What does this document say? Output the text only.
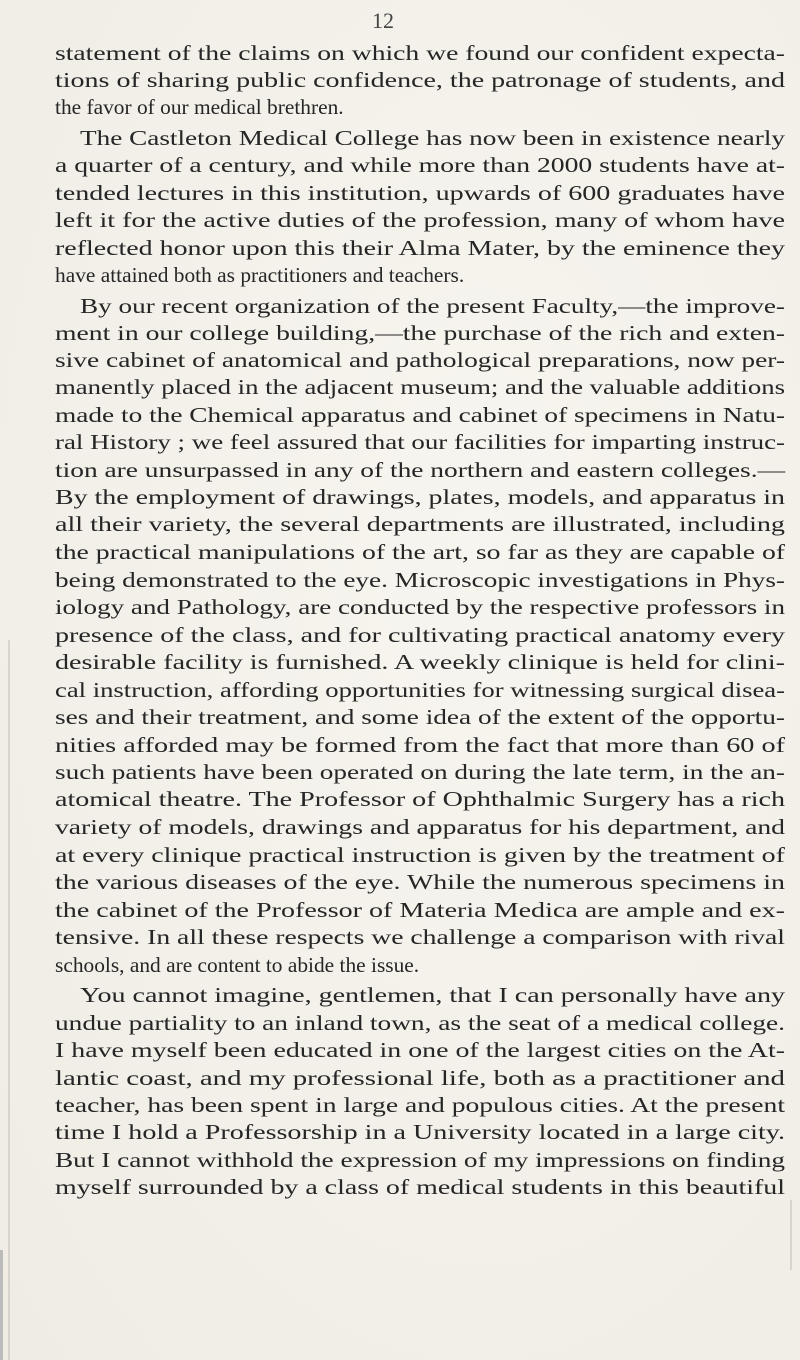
12
statement of the claims on which we found our confident expecta-
tions of sharing public confidence, the patronage of students, and
the favor of our medical brethren.
The Castleton Medical College has now been in existence nearly
a quarter of a century, and while more than 2000 students have at-
tended lectures in this institution, upwards of 600 graduates have
left it for the active duties of the profession, many of whom have
reflected honor upon this their Alma Mater, by the eminence they
have attained both as practitioners and teachers.
By our recent organization of the present Faculty,—the improve-
ment in our college building,—the purchase of the rich and exten-
sive cabinet of anatomical and pathological preparations, now per-
manently placed in the adjacent museum; and the valuable additions
made to the Chemical apparatus and cabinet of specimens in Natu-
ral History ; we feel assured that our facilities for imparting instruc-
tion are unsurpassed in any of the northern and eastern colleges.—
By the employment of drawings, plates, models, and apparatus in
all their variety, the several departments are illustrated, including
the practical manipulations of the art, so far as they are capable of
being demonstrated to the eye. Microscopic investigations in Phys-
iology and Pathology, are conducted by the respective professors in
presence of the class, and for cultivating practical anatomy every
desirable facility is furnished. A weekly clinique is held for clini-
cal instruction, affording opportunities for witnessing surgical disea-
ses and their treatment, and some idea of the extent of the opportu-
nities afforded may be formed from the fact that more than 60 of
such patients have been operated on during the late term, in the an-
atomical theatre. The Professor of Ophthalmic Surgery has a rich
variety of models, drawings and apparatus for his department, and
at every clinique practical instruction is given by the treatment of
the various diseases of the eye. While the numerous specimens in
the cabinet of the Professor of Materia Medica are ample and ex-
tensive. In all these respects we challenge a comparison with rival
schools, and are content to abide the issue.
You cannot imagine, gentlemen, that I can personally have any
undue partiality to an inland town, as the seat of a medical college.
I have myself been educated in one of the largest cities on the At-
lantic coast, and my professional life, both as a practitioner and
teacher, has been spent in large and populous cities. At the present
time I hold a Professorship in a University located in a large city.
But I cannot withhold the expression of my impressions on finding
myself surrounded by a class of medical students in this beautiful
